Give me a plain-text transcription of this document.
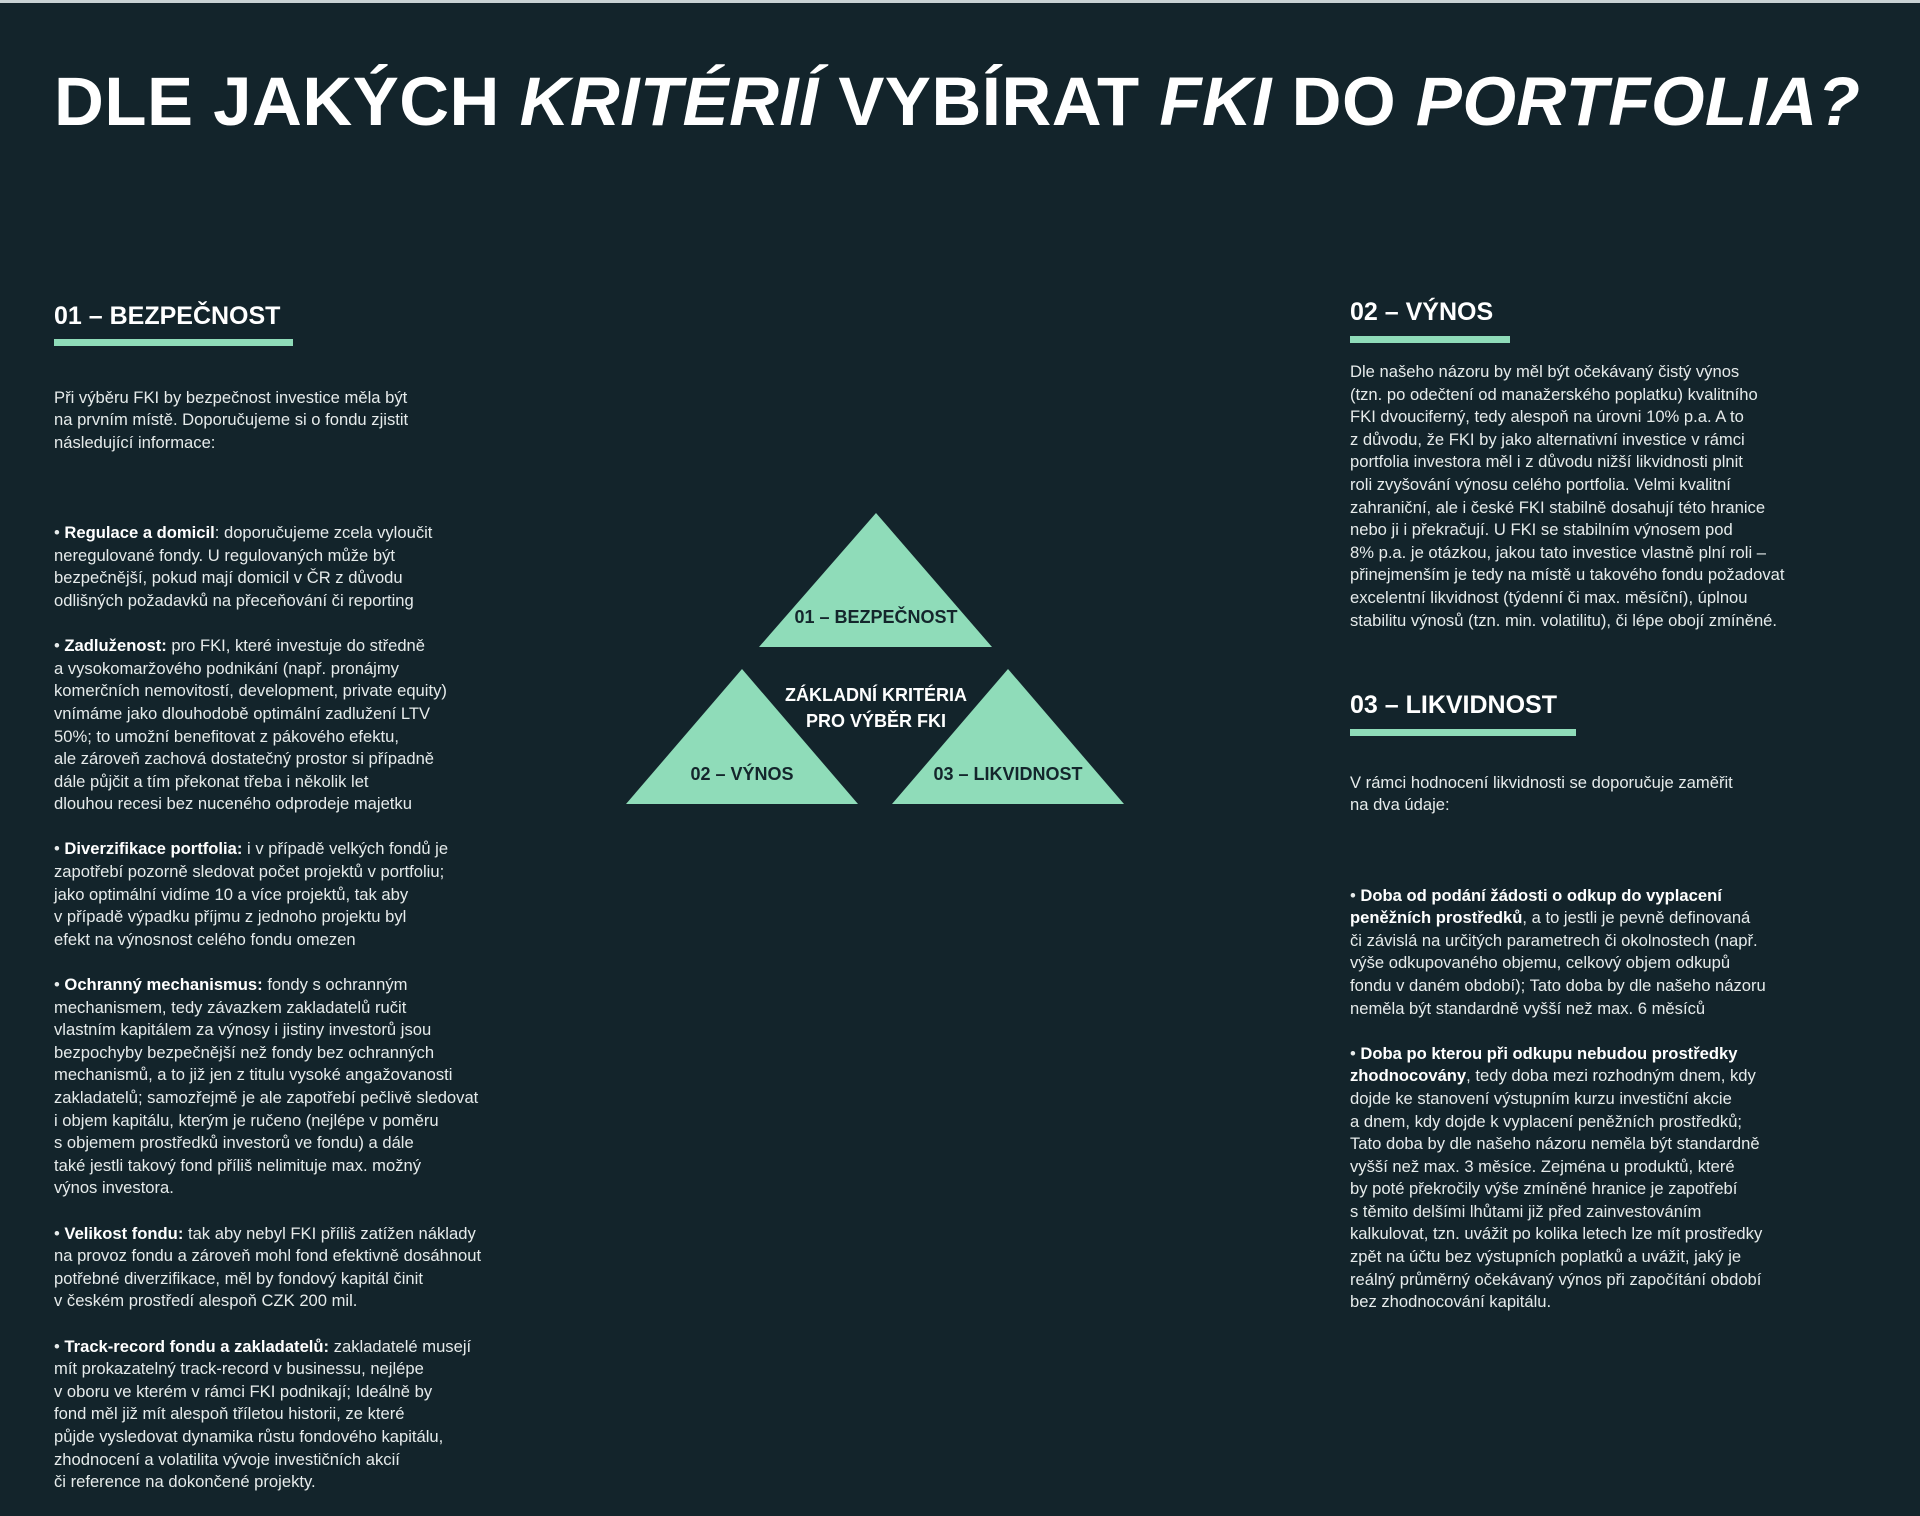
DLE JAKÝCH KRITÉRIÍ VYBÍRAT FKI DO PORTFOLIA?
01 – BEZPEČNOST
02 – VÝNOS	03 – LIKVIDNOST
ZÁKLADNÍ KRITÉRIA
PRO VÝBĚR FKI
01 – BEZPEČNOST

Při výběru FKI by bezpečnost investice měla být
na prvním místě. Doporučujeme si o fondu zjistit
následující informace:

• Regulace a domicil: doporučujeme zcela vyloučit
neregulované fondy. U regulovaných může být
bezpečnější, pokud mají domicil v ČR z důvodu
odlišných požadavků na přeceňování či reporting

• Zadluženost: pro FKI, které investuje do středně
a vysokomaržového podnikání (např. pronájmy
komerčních nemovitostí, development, private equity)
vnímáme jako dlouhodobě optimální zadlužení LTV
50%; to umožní benefitovat z pákového efektu,
ale zároveň zachová dostatečný prostor si případně
dále půjčit a tím překonat třeba i několik let
dlouhou recesi bez nuceného odprodeje majetku

• Diverzifikace portfolia: i v případě velkých fondů je
zapotřebí pozorně sledovat počet projektů v portfoliu;
jako optimální vidíme 10 a více projektů, tak aby
v případě výpadku příjmu z jednoho projektu byl
efekt na výnosnost celého fondu omezen

• Ochranný mechanismus: fondy s ochranným
mechanismem, tedy závazkem zakladatelů ručit
vlastním kapitálem za výnosy i jistiny investorů jsou
bezpochyby bezpečnější než fondy bez ochranných
mechanismů, a to již jen z titulu vysoké angažovanosti
zakladatelů; samozřejmě je ale zapotřebí pečlivě sledovat
i objem kapitálu, kterým je ručeno (nejlépe v poměru
s objemem prostředků investorů ve fondu) a dále
také jestli takový fond příliš nelimituje max. možný
výnos investora.

• Velikost fondu: tak aby nebyl FKI příliš zatížen náklady
na provoz fondu a zároveň mohl fond efektivně dosáhnout
potřebné diverzifikace, měl by fondový kapitál činit
v českém prostředí alespoň CZK 200 mil.

• Track-record fondu a zakladatelů: zakladatelé musejí
mít prokazatelný track-record v businessu, nejlépe
v oboru ve kterém v rámci FKI podnikají; Ideálně by
fond měl již mít alespoň tříletou historii, ze které
půjde vysledovat dynamika růstu fondového kapitálu,
zhodnocení a volatilita vývoje investičních akcií
či reference na dokončené projekty.

02 – VÝNOS
Dle našeho názoru by měl být očekávaný čistý výnos
(tzn. po odečtení od manažerského poplatku) kvalitního
FKI dvouciferný, tedy alespoň na úrovni 10% p.a. A to
z důvodu, že FKI by jako alternativní investice v rámci
portfolia investora měl i z důvodu nižší likvidnosti plnit
roli zvyšování výnosu celého portfolia. Velmi kvalitní
zahraniční, ale i české FKI stabilně dosahují této hranice
nebo ji i překračují. U FKI se stabilním výnosem pod
8% p.a. je otázkou, jakou tato investice vlastně plní roli –
přinejmenším je tedy na místě u takového fondu požadovat
excelentní likvidnost (týdenní či max. měsíční), úplnou
stabilitu výnosů (tzn. min. volatilitu), či lépe obojí zmíněné.
03 – LIKVIDNOST

V rámci hodnocení likvidnosti se doporučuje zaměřit
na dva údaje:

• Doba od podání žádosti o odkup do vyplacení
peněžních prostředků, a to jestli je pevně definovaná
či závislá na určitých parametrech či okolnostech (např.
výše odkupovaného objemu, celkový objem odkupů
fondu v daném období); Tato doba by dle našeho názoru
neměla být standardně vyšší než max. 6 měsíců

• Doba po kterou při odkupu nebudou prostředky
zhodnocovány, tedy doba mezi rozhodným dnem, kdy
dojde ke stanovení výstupním kurzu investiční akcie
a dnem, kdy dojde k vyplacení peněžních prostředků;
Tato doba by dle našeho názoru neměla být standardně
vyšší než max. 3 měsíce. Zejména u produktů, které
by poté překročily výše zmíněné hranice je zapotřebí
s těmito delšími lhůtami již před zainvestováním
kalkulovat, tzn. uvážit po kolika letech lze mít prostředky
zpět na účtu bez výstupních poplatků a uvážit, jaký je
reálný průměrný očekávaný výnos při započítání období
bez zhodnocování kapitálu.
